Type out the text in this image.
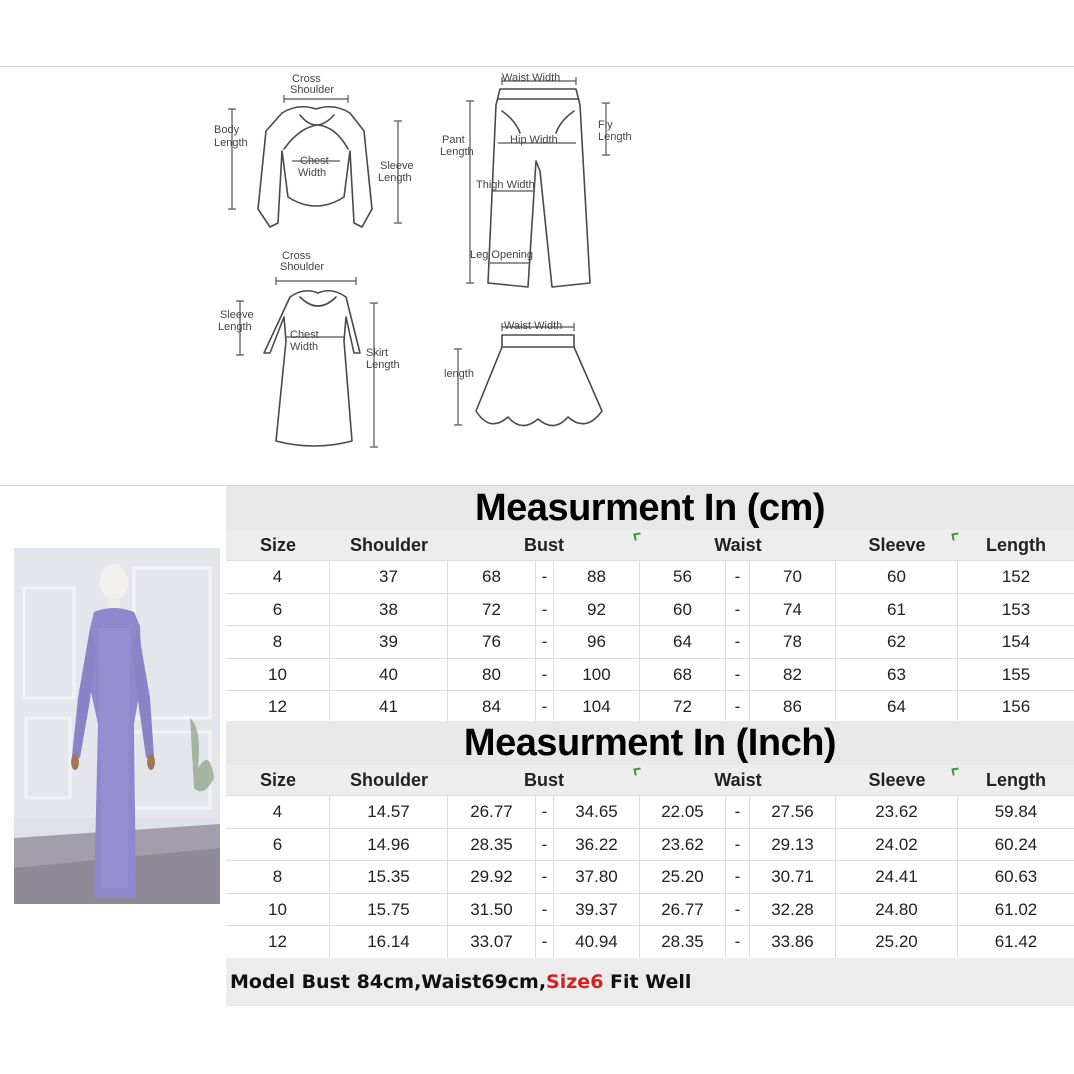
Cross
Shoulder
Body
Length
Chest
Width
Sleeve
Length
Waist Width
Pant
Length
Hip Width
Fly
Length
Thigh Width
Leg Opening
Cross
Shoulder
Sleeve
Length
Chest
Width	Skirt
Length
Waist Width
length
Measurment In (cm)
Size	Shoulder	Bust	Waist	Sleeve	Length
4	37	68	-	88	56	-	70	60	152
6	38	72	-	92	60	-	74	61	153
8	39	76	-	96	64	-	78	62	154
10	40	80	-	100	68	-	82	63	155
12	41	84	-	104	72	-	86	64	156
Measurment In (Inch)
Size	Shoulder	Bust	Waist	Sleeve	Length
4	14.57	26.77	-	34.65	22.05	-	27.56	23.62	59.84
6	14.96	28.35	-	36.22	23.62	-	29.13	24.02	60.24
8	15.35	29.92	-	37.80	25.20	-	30.71	24.41	60.63
10	15.75	31.50	-	39.37	26.77	-	32.28	24.80	61.02
12	16.14	33.07	-	40.94	28.35	-	33.86	25.20	61.42
Model Bust 84cm,Waist69cm,Size6 Fit Well
